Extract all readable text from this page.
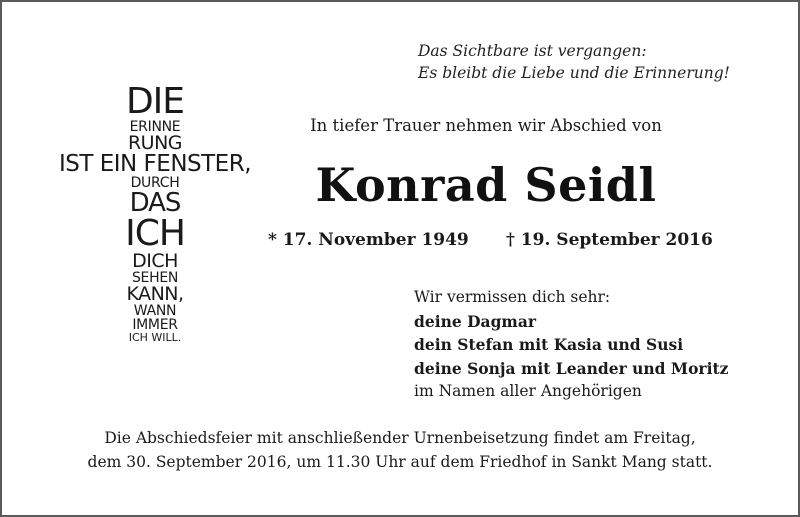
Das Sichtbare ist vergangen:
Es bleibt die Liebe und die Erinnerung!
DIE
ERINNE
RUNG
IST EIN FENSTER,
DURCH
DAS
ICH
DICH
SEHEN
KANN,
WANN
IMMER
ICH WILL.
In tiefer Trauer nehmen wir Abschied von
Konrad Seidl
* 17. November 1949 † 19. September 2016
Wir vermissen dich sehr:
deine Dagmar
dein Stefan mit Kasia und Susi
deine Sonja mit Leander und Moritz
im Namen aller Angehörigen
Die Abschiedsfeier mit anschließender Urnenbeisetzung findet am Freitag,
dem 30. September 2016, um 11.30 Uhr auf dem Friedhof in Sankt Mang statt.
